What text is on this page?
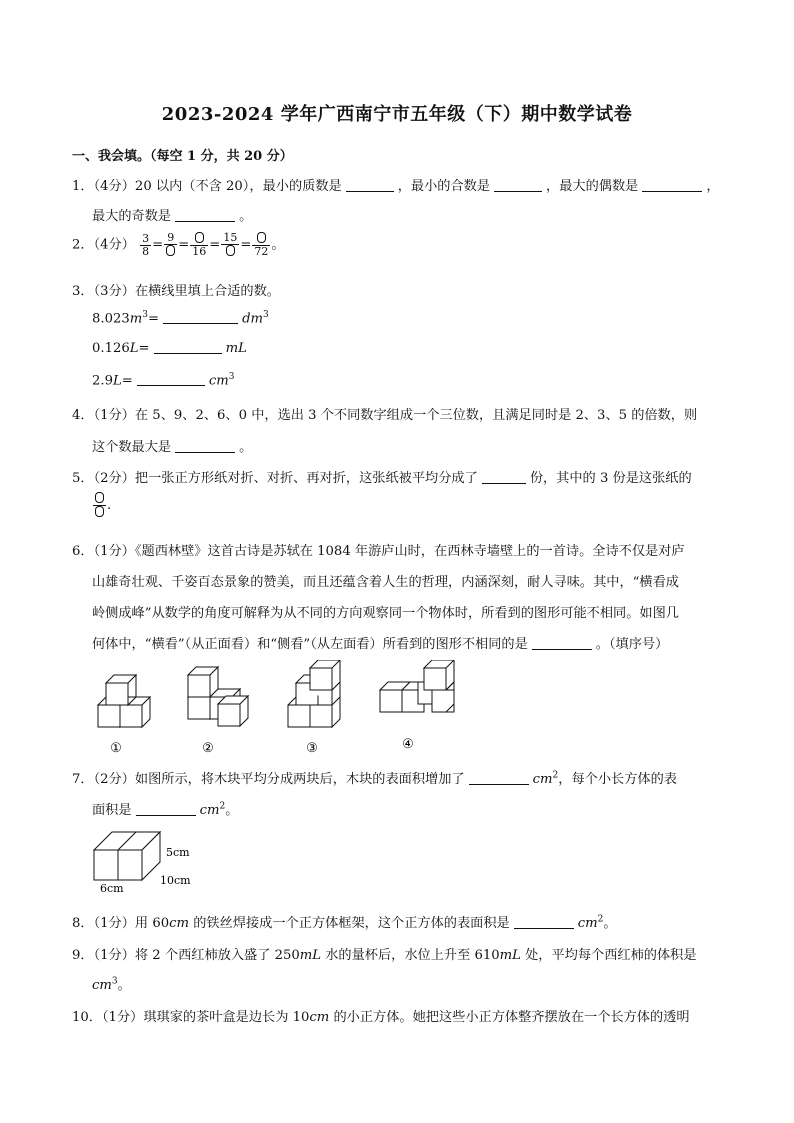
2023-2024 学年广西南宁市五年级（下）期中数学试卷
一、我会填。（每空 1 分，共 20 分）
1．（4分）20 以内（不含 20），最小的质数是	，最小的合数是	，最大的偶数是	，
最大的奇数是	。
2．（4分） $\frac{3}{8} = 9 = 16 = 15 = 72$ 。
3．（3分）在横线里填上合适的数。
$8.023m^3=$	$dm^3$
0.126L=	mL
2.9L=	$cm^3$
4．（1分）在 5、9、2、6、0 中，选出 3 个不同数字组成一个三位数，且满足同时是 2、3、5 的倍数，则
这个数最大是	。
5．（2分）把一张正方形纸对折、对折、再对折，这张纸被平均分成了	份，其中的 3 份是这张纸的
.
6．（1分）《题西林壁》这首古诗是苏轼在 1084 年游庐山时，在西林寺墙壁上的一首诗。全诗不仅是对庐
山雄奇壮观、千姿百态景象的赞美，而且还蕴含着人生的哲理，内涵深刻，耐人寻味。其中，“横看成
岭侧成峰”从数学的角度可解释为从不同的方向观察同一个物体时，所看到的图形可能不相同。如图几
何体中，“横看”（从正面看）和“侧看”（从左面看）所看到的图形不相同的是	。（填序号）
①	②	③	④
7．（2分）如图所示，将木块平均分成两块后，木块的表面积增加了	$cm^2$，每个小长方体的表
面积是	$cm^2$。
5cm
10cm
6cm
8．（1分）用 60cm 的铁丝焊接成一个正方体框架，这个正方体的表面积是	$cm^2$。
9．（1分）将 2 个西红柿放入盛了 250mL 水的量杯后，水位上升至 610mL 处，平均每个西红柿的体积是
$cm^3$。
10．（1分）琪琪家的茶叶盒是边长为 10cm 的小正方体。她把这些小正方体整齐摆放在一个长方体的透明
